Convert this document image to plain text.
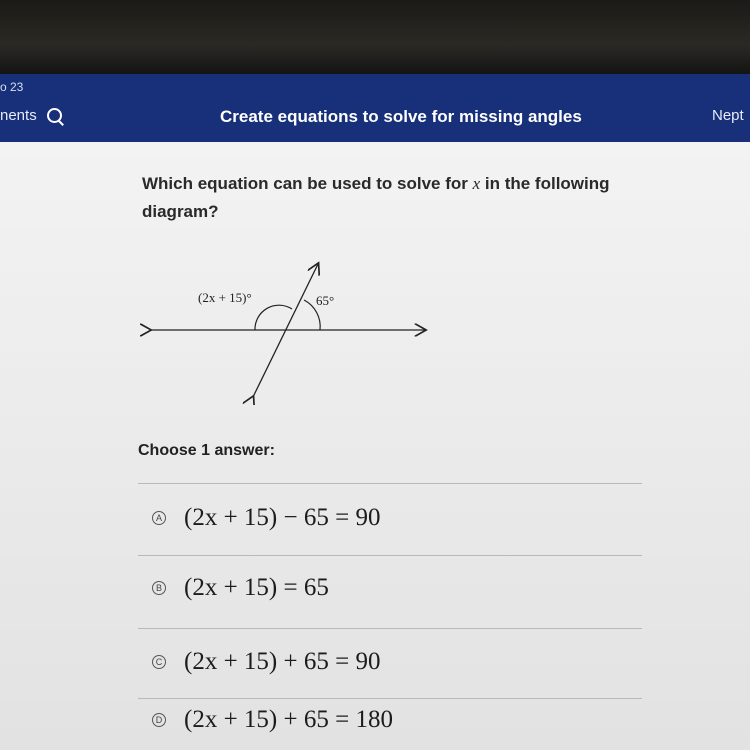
o 23
nents	Create equations to solve for missing angles	Nept
Which equation can be used to solve for x in the following diagram?
(2x + 15)°	65°
Choose 1 answer:
A (2x + 15) − 65 = 90
B (2x + 15) = 65
C (2x + 15) + 65 = 90
D (2x + 15) + 65 = 180
